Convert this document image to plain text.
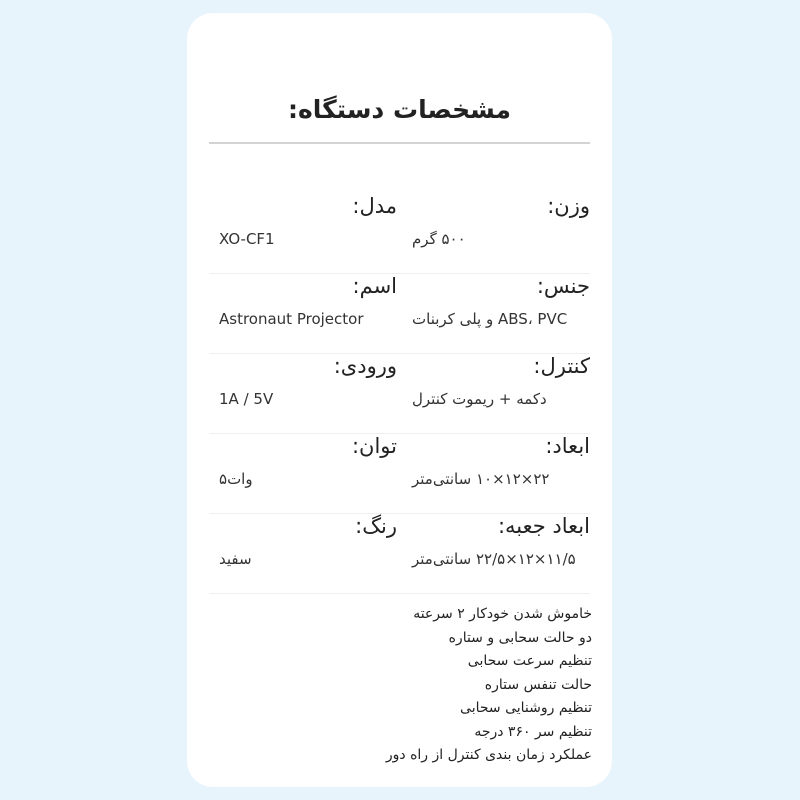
مشخصات دستگاه:
وزن:
۵۰۰ گرم
مدل:
XO-CF1
جنس:
ABS، PVC و پلی کربنات
اسم:
Astronaut Projector
کنترل:
دکمه + ریموت کنترل
ورودی:
1A / 5V
ابعاد:
۲۲×۱۲×۱۰ سانتی‌متر
توان:
۵وات
ابعاد جعبه:
۱۱/۵×۱۲×۲۲/۵ سانتی‌متر
رنگ:
سفید
خاموش شدن خودکار ۲ سرعته
دو حالت سحابی و ستاره
تنظیم سرعت سحابی
حالت تنفس ستاره
تنظیم روشنایی سحابی
تنظیم سر ۳۶۰ درجه
عملکرد زمان بندی کنترل از راه دور
